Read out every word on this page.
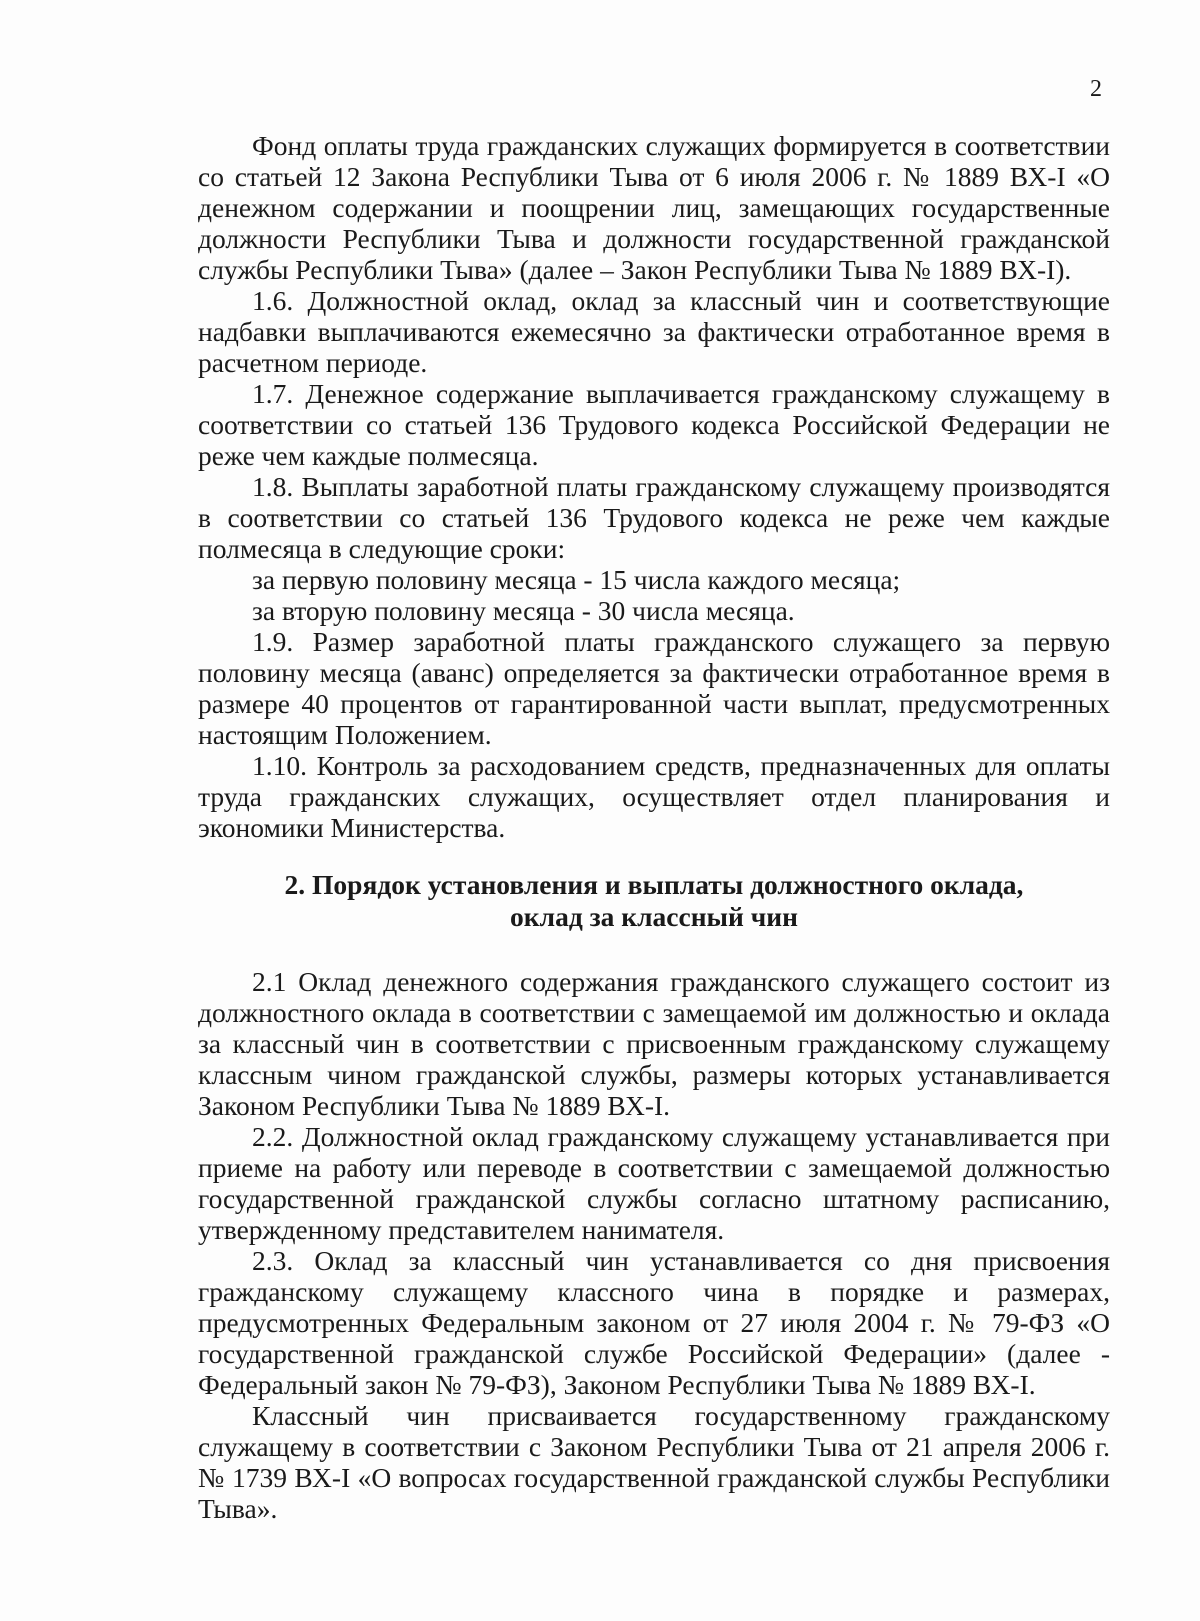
2

Фонд оплаты труда гражданских служащих формируется в соответствии со статьей 12 Закона Республики Тыва от 6 июля 2006 г. № 1889 ВХ-I «О денежном содержании и поощрении лиц, замещающих государственные должности Республики Тыва и должности государственной гражданской службы Республики Тыва» (далее – Закон Республики Тыва № 1889 ВХ-I).

1.6. Должностной оклад, оклад за классный чин и соответствующие надбавки выплачиваются ежемесячно за фактически отработанное время в расчетном периоде.

1.7. Денежное содержание выплачивается гражданскому служащему в соответствии со статьей 136 Трудового кодекса Российской Федерации не реже чем каждые полмесяца.

1.8. Выплаты заработной платы гражданскому служащему производятся в соответствии со статьей 136 Трудового кодекса не реже чем каждые полмесяца в следующие сроки:

за первую половину месяца - 15 числа каждого месяца;

за вторую половину месяца - 30 числа месяца.

1.9. Размер заработной платы гражданского служащего за первую половину месяца (аванс) определяется за фактически отработанное время в размере 40 процентов от гарантированной части выплат, предусмотренных настоящим Положением.

1.10. Контроль за расходованием средств, предназначенных для оплаты труда гражданских служащих, осуществляет отдел планирования и экономики Министерства.

2. Порядок установления и выплаты должностного оклада,
оклад за классный чин

2.1 Оклад денежного содержания гражданского служащего состоит из должностного оклада в соответствии с замещаемой им должностью и оклада за классный чин в соответствии с присвоенным гражданскому служащему классным чином гражданской службы, размеры которых устанавливается Законом Республики Тыва № 1889 ВХ-I.

2.2. Должностной оклад гражданскому служащему устанавливается при приеме на работу или переводе в соответствии с замещаемой должностью государственной гражданской службы согласно штатному расписанию, утвержденному представителем нанимателя.

2.3. Оклад за классный чин устанавливается со дня присвоения гражданскому служащему классного чина в порядке и размерах, предусмотренных Федеральным законом от 27 июля 2004 г. № 79-ФЗ «О государственной гражданской службе Российской Федерации» (далее - Федеральный закон № 79-ФЗ), Законом Республики Тыва № 1889 ВХ-I.

Классный чин присваивается государственному гражданскому служащему в соответствии с Законом Республики Тыва от 21 апреля 2006 г. № 1739 ВХ-I «О вопросах государственной гражданской службы Республики Тыва».
